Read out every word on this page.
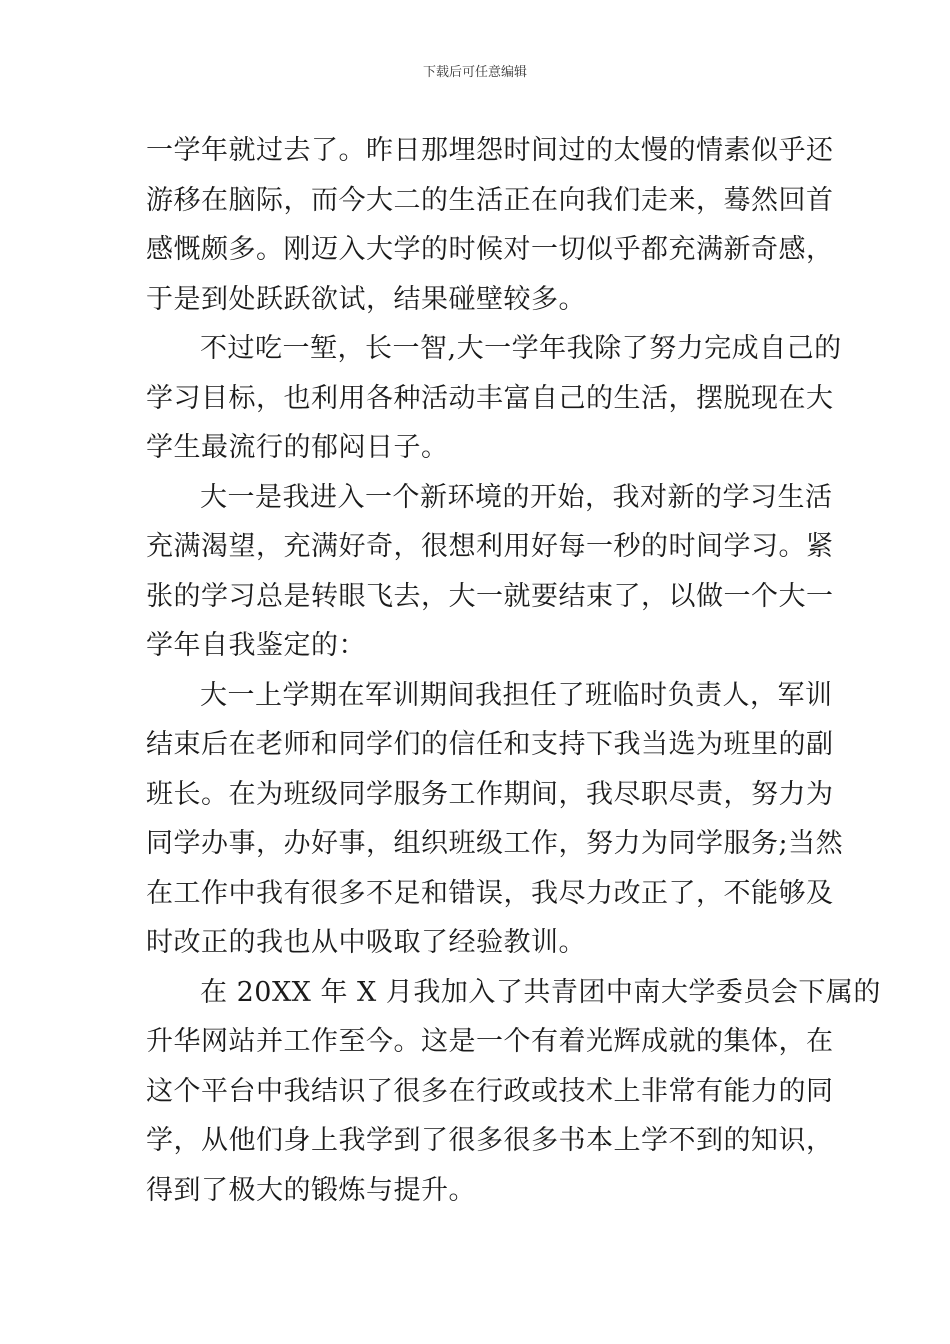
下载后可任意编辑
一学年就过去了。昨日那埋怨时间过的太慢的情素似乎还
游移在脑际，而今大二的生活正在向我们走来，蓦然回首
感慨颇多。刚迈入大学的时候对一切似乎都充满新奇感，
于是到处跃跃欲试，结果碰壁较多。
不过吃一堑，长一智,大一学年我除了努力完成自己的
学习目标，也利用各种活动丰富自己的生活，摆脱现在大
学生最流行的郁闷日子。
大一是我进入一个新环境的开始，我对新的学习生活
充满渴望，充满好奇，很想利用好每一秒的时间学习。紧
张的学习总是转眼飞去，大一就要结束了，以做一个大一
学年自我鉴定的：
大一上学期在军训期间我担任了班临时负责人，军训
结束后在老师和同学们的信任和支持下我当选为班里的副
班长。在为班级同学服务工作期间，我尽职尽责，努力为
同学办事，办好事，组织班级工作，努力为同学服务;当然
在工作中我有很多不足和错误，我尽力改正了，不能够及
时改正的我也从中吸取了经验教训。
在 20XX 年 X 月我加入了共青团中南大学委员会下属的
升华网站并工作至今。这是一个有着光辉成就的集体，在
这个平台中我结识了很多在行政或技术上非常有能力的同
学，从他们身上我学到了很多很多书本上学不到的知识，
得到了极大的锻炼与提升。
